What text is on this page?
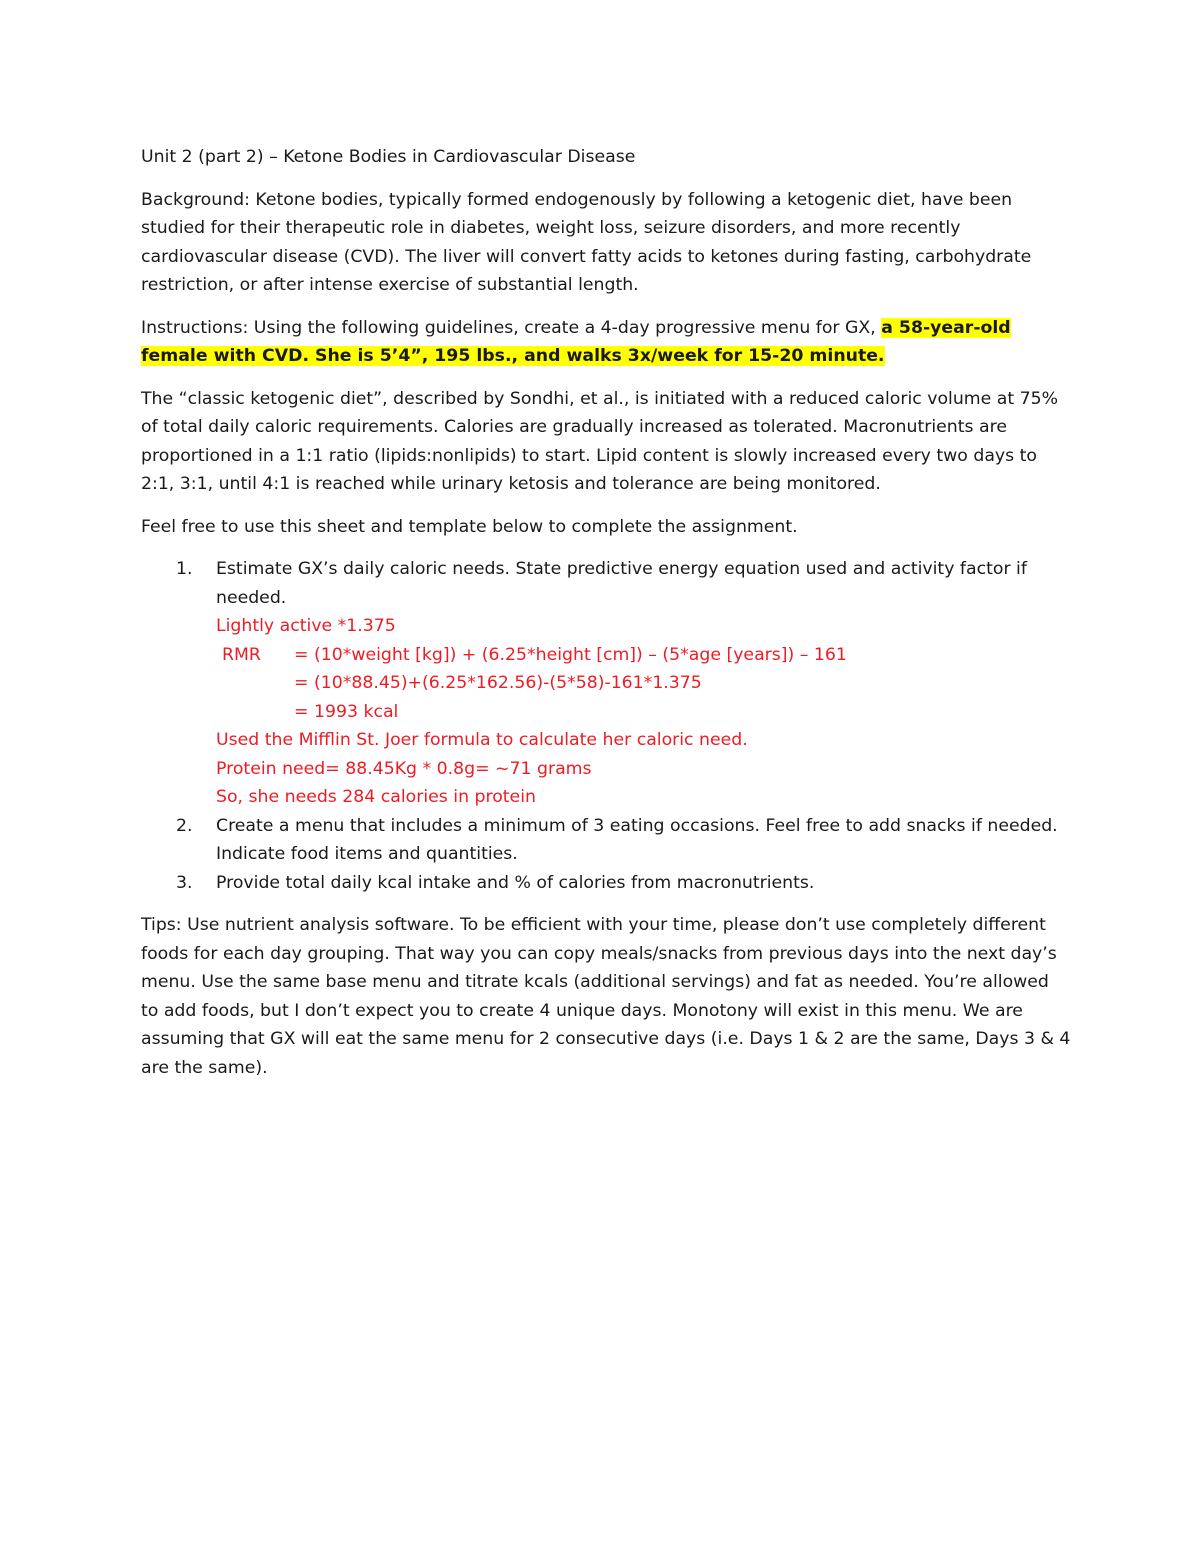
Unit 2 (part 2) – Ketone Bodies in Cardiovascular Disease
Background: Ketone bodies, typically formed endogenously by following a ketogenic diet, have been
studied for their therapeutic role in diabetes, weight loss, seizure disorders, and more recently
cardiovascular disease (CVD). The liver will convert fatty acids to ketones during fasting, carbohydrate
restriction, or after intense exercise of substantial length.
Instructions: Using the following guidelines, create a 4-day progressive menu for GX, a 58-year-old
female with CVD. She is 5’4”, 195 lbs., and walks 3x/week for 15-20 minute.
The “classic ketogenic diet”, described by Sondhi, et al., is initiated with a reduced caloric volume at 75%
of total daily caloric requirements. Calories are gradually increased as tolerated. Macronutrients are
proportioned in a 1:1 ratio (lipids:nonlipids) to start. Lipid content is slowly increased every two days to
2:1, 3:1, until 4:1 is reached while urinary ketosis and tolerance are being monitored.
Feel free to use this sheet and template below to complete the assignment.
1. Estimate GX’s daily caloric needs. State predictive energy equation used and activity factor if
needed.
Lightly active *1.375
RMR	= (10*weight [kg]) + (6.25*height [cm]) – (5*age [years]) – 161
= (10*88.45)+(6.25*162.56)-(5*58)-161*1.375
= 1993 kcal
Used the Mifflin St. Joer formula to calculate her caloric need.
Protein need= 88.45Kg * 0.8g= ~71 grams
So, she needs 284 calories in protein
2. Create a menu that includes a minimum of 3 eating occasions. Feel free to add snacks if needed.
Indicate food items and quantities.
3. Provide total daily kcal intake and % of calories from macronutrients.
Tips: Use nutrient analysis software. To be efficient with your time, please don’t use completely different
foods for each day grouping. That way you can copy meals/snacks from previous days into the next day’s
menu. Use the same base menu and titrate kcals (additional servings) and fat as needed. You’re allowed
to add foods, but I don’t expect you to create 4 unique days. Monotony will exist in this menu. We are
assuming that GX will eat the same menu for 2 consecutive days (i.e. Days 1 & 2 are the same, Days 3 & 4
are the same).
